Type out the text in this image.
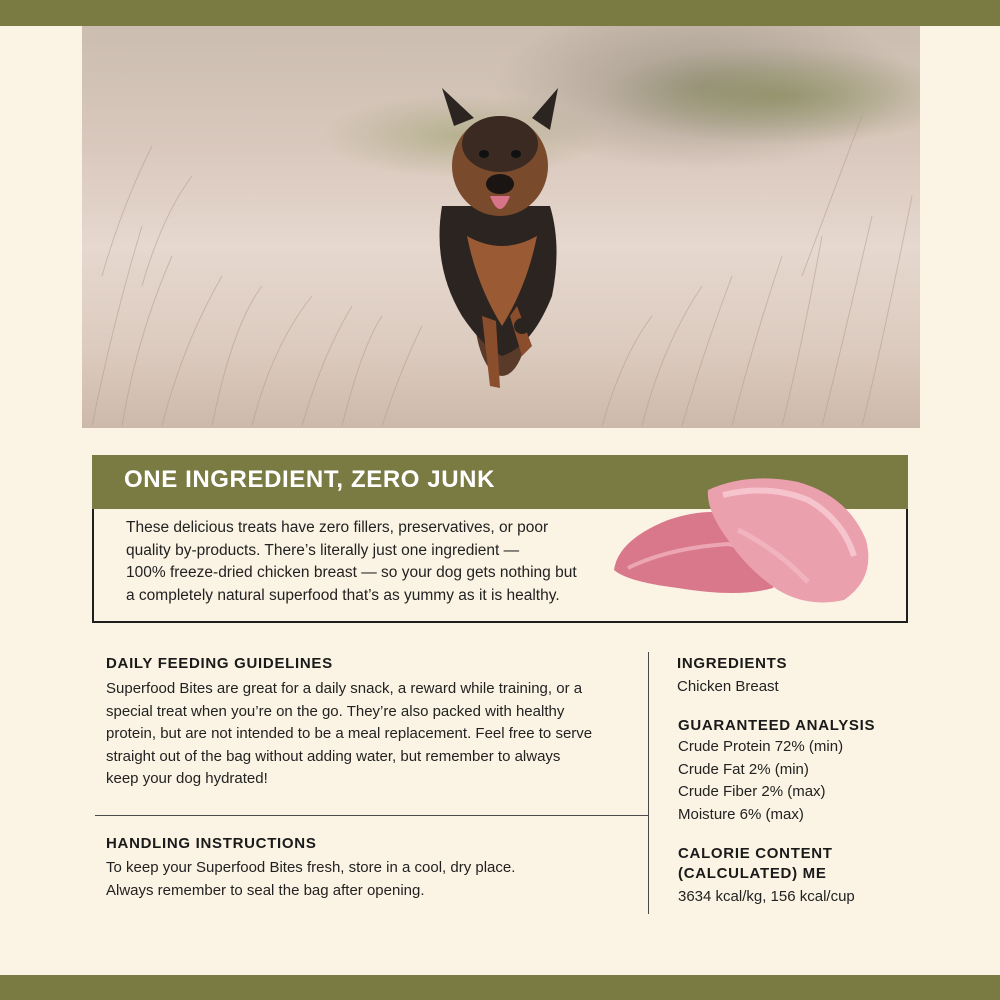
ONE INGREDIENT, ZERO JUNK
These delicious treats have zero fillers, preservatives, or poor
quality by-products. There’s literally just one ingredient —
100% freeze-dried chicken breast — so your dog gets nothing but
a completely natural superfood that’s as yummy as it is healthy.
DAILY FEEDING GUIDELINES
Superfood Bites are great for a daily snack, a reward while training, or a
special treat when you’re on the go. They’re also packed with healthy
protein, but are not intended to be a meal replacement. Feel free to serve
straight out of the bag without adding water, but remember to always
keep your dog hydrated!
HANDLING INSTRUCTIONS
To keep your Superfood Bites fresh, store in a cool, dry place.
Always remember to seal the bag after opening.
INGREDIENTS
Chicken Breast
GUARANTEED ANALYSIS
Crude Protein 72% (min)
Crude Fat 2% (min)
Crude Fiber 2% (max)
Moisture 6% (max)
CALORIE CONTENT
(CALCULATED) ME
3634 kcal/kg, 156 kcal/cup
